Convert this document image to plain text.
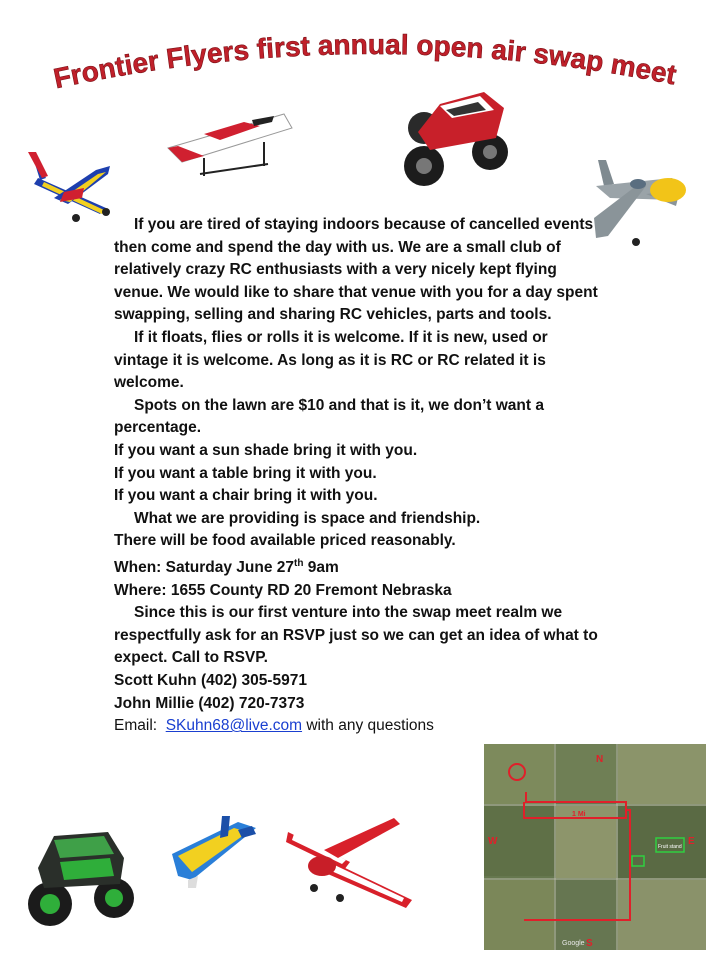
Frontier Flyers first annual open air swap meet

If you are tired of staying indoors because of cancelled events then come and spend the day with us. We are a small club of relatively crazy RC enthusiasts with a very nicely kept flying venue. We would like to share that venue with you for a day spent swapping, selling and sharing RC vehicles, parts and tools.

If it floats, flies or rolls it is welcome. If it is new, used or vintage it is welcome. As long as it is RC or RC related it is welcome.

Spots on the lawn are $10 and that is it, we don’t want a percentage.

If you want a sun shade bring it with you.

If you want a table bring it with you.

If you want a chair bring it with you.

What we are providing is space and friendship.

There will be food available priced reasonably.

When: Saturday June 27th 9am

Where: 1655 County RD 20 Fremont Nebraska

Since this is our first venture into the swap meet realm we respectfully ask for an RSVP just so we can get an idea of what to expect. Call to RSVP.

Scott Kuhn (402) 305-5971

John Millie (402) 720-7373

Email:  SKuhn68@live.com with any questions

N
W	E
S
1 Mi
Fruit stand
Google
